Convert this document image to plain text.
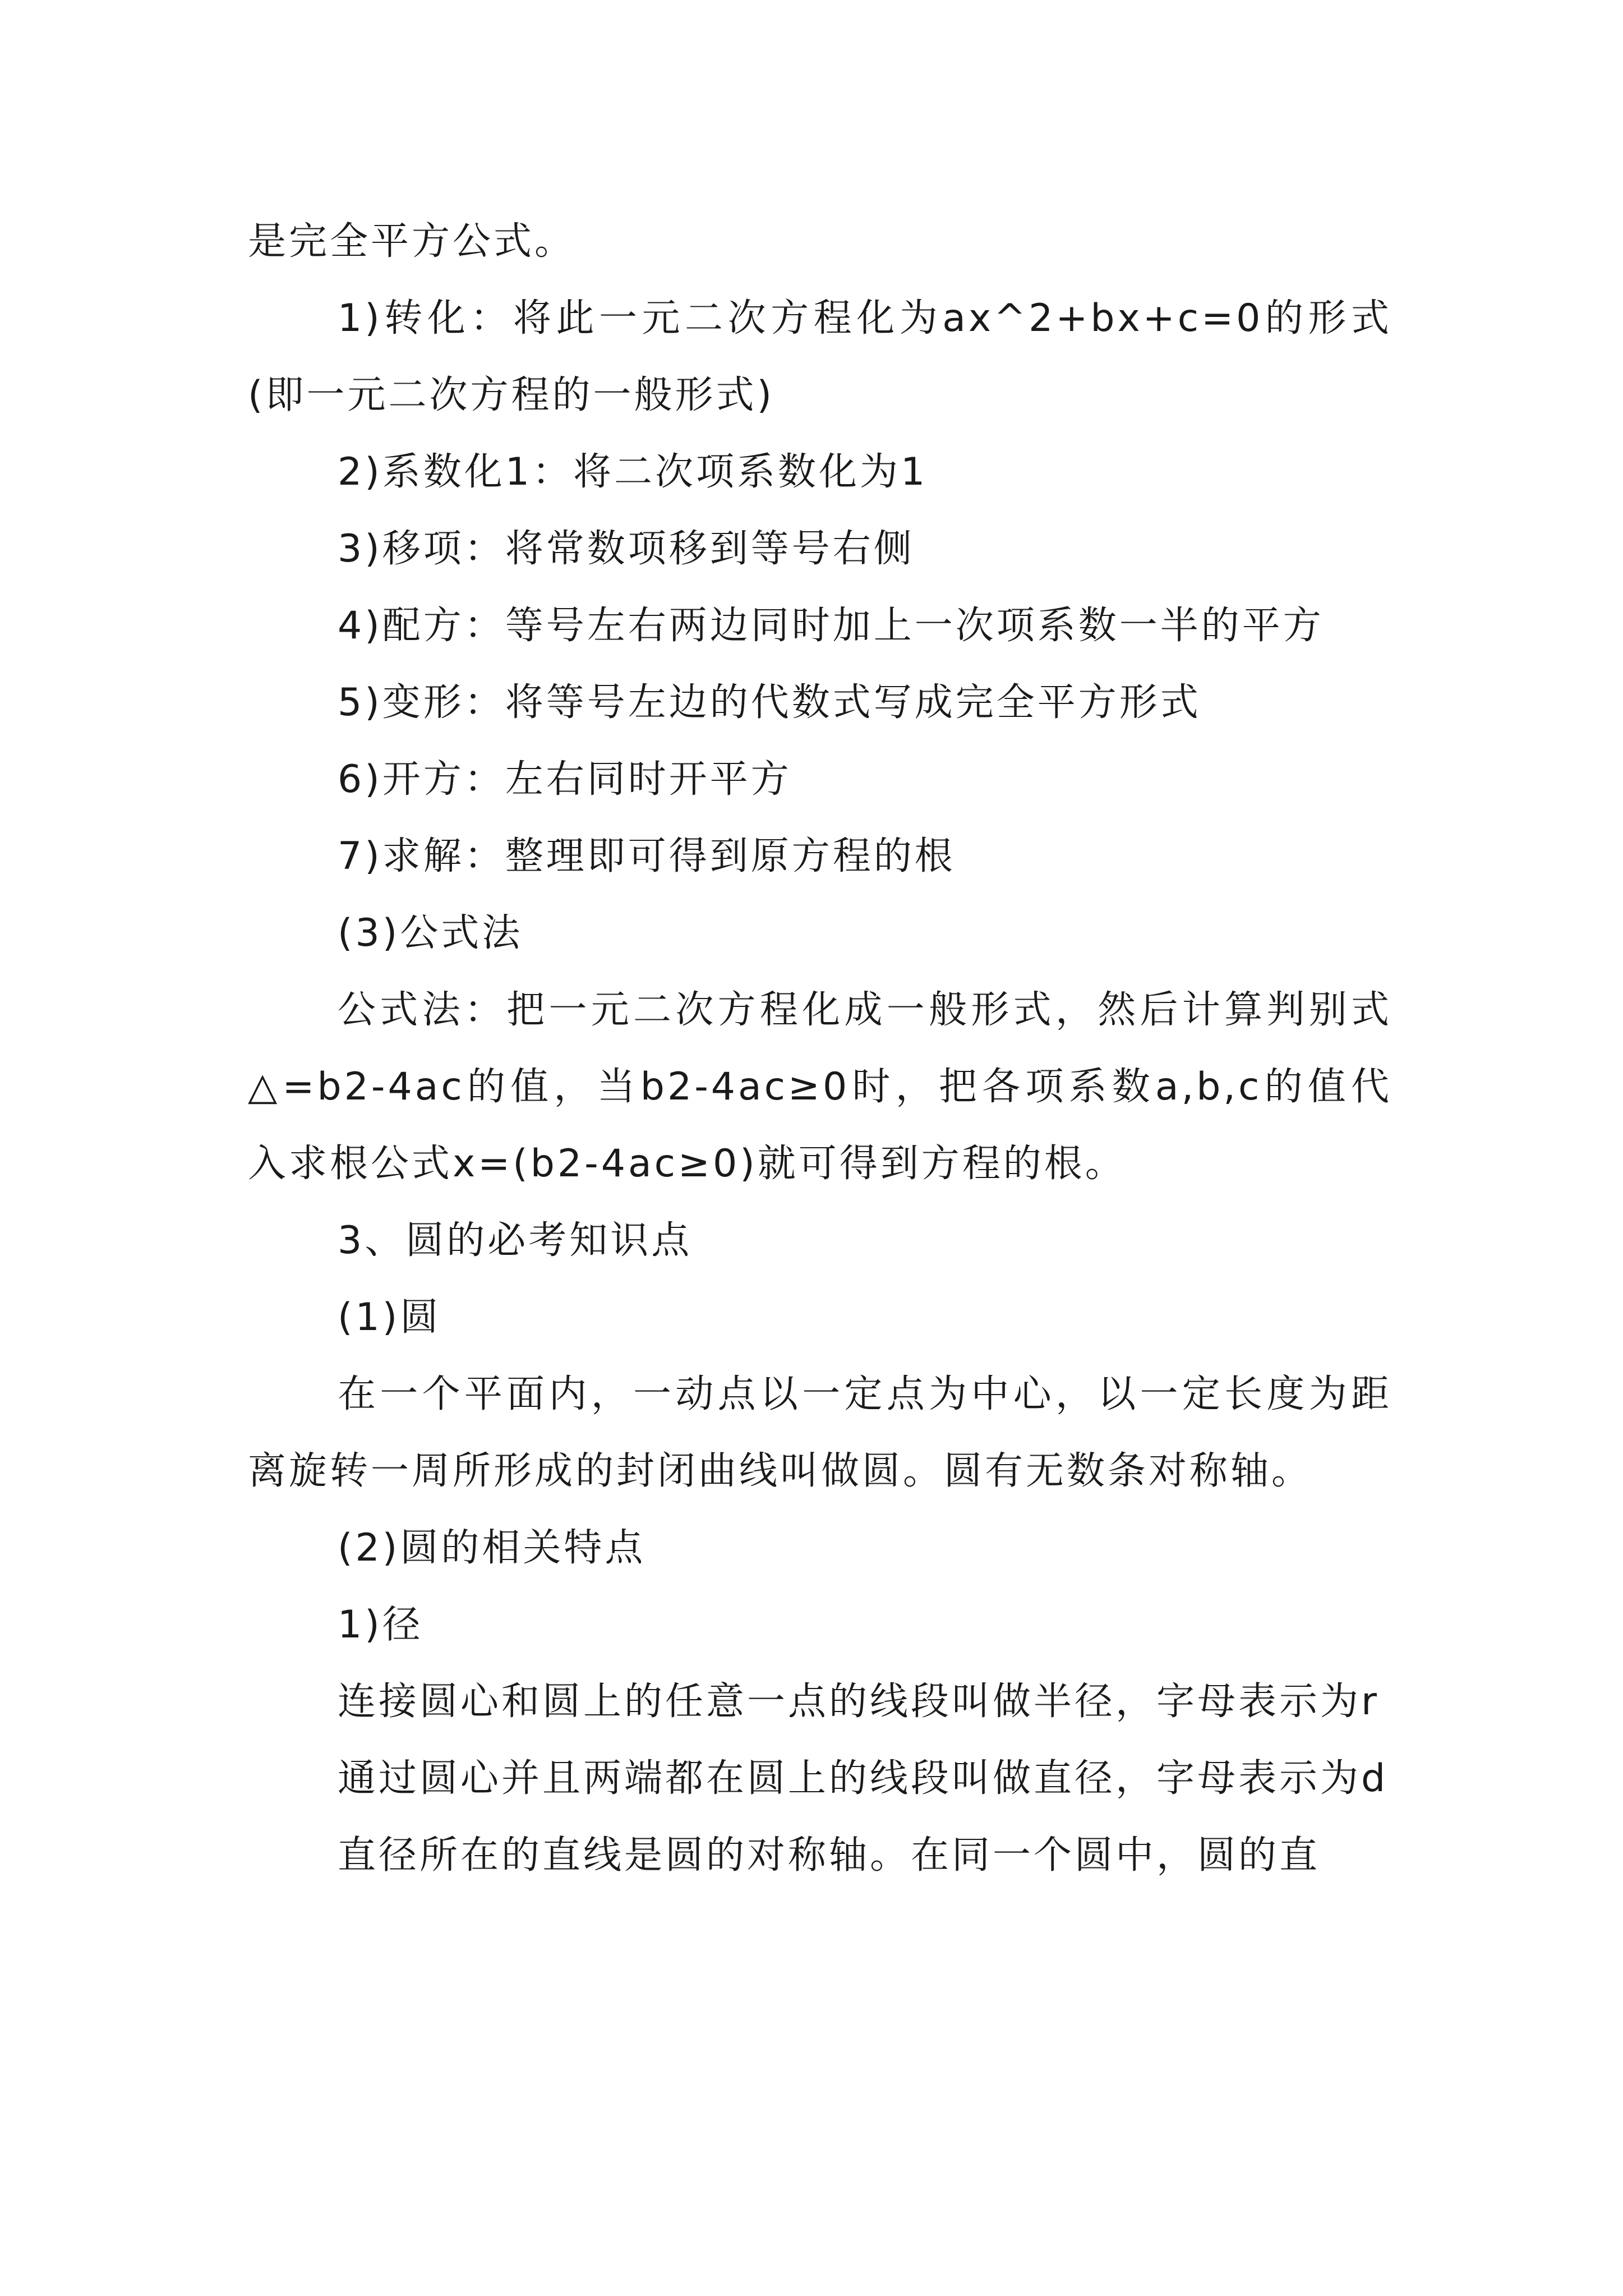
是完全平方公式。

1)转化：将此一元二次方程化为ax^2+bx+c=0的形式(即一元二次方程的一般形式)

2)系数化1：将二次项系数化为1

3)移项：将常数项移到等号右侧

4)配方：等号左右两边同时加上一次项系数一半的平方

5)变形：将等号左边的代数式写成完全平方形式

6)开方：左右同时开平方

7)求解：整理即可得到原方程的根

(3)公式法

公式法：把一元二次方程化成一般形式，然后计算判别式△=b2-4ac的值，当b2-4ac≥0时，把各项系数a,b,c的值代入求根公式x=(b2-4ac≥0)就可得到方程的根。

3、圆的必考知识点

(1)圆

在一个平面内，一动点以一定点为中心，以一定长度为距离旋转一周所形成的封闭曲线叫做圆。圆有无数条对称轴。

(2)圆的相关特点

1)径

连接圆心和圆上的任意一点的线段叫做半径，字母表示为r

通过圆心并且两端都在圆上的线段叫做直径，字母表示为d

直径所在的直线是圆的对称轴。在同一个圆中，圆的直
